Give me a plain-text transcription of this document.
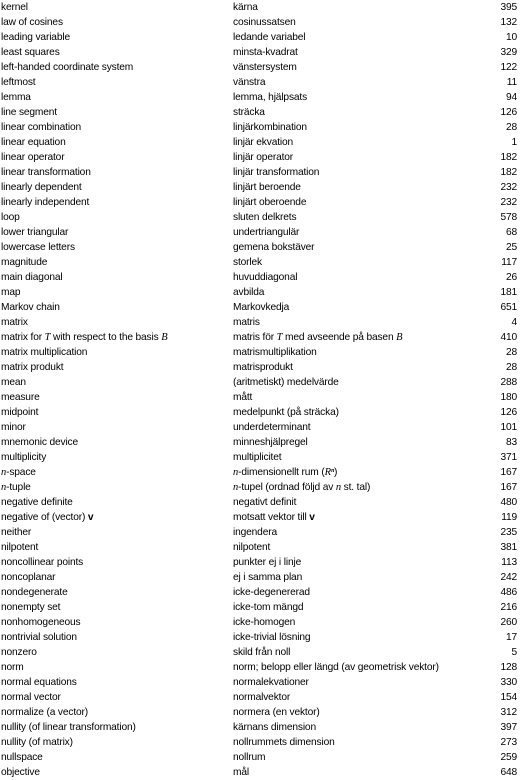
kernel	kärna	395
law of cosines	cosinussatsen	132
leading variable	ledande variabel	10
least squares	minsta-kvadrat	329
left-handed coordinate system	vänstersystem	122
leftmost	vänstra	11
lemma	lemma, hjälpsats	94
line segment	sträcka	126
linear combination	linjärkombination	28
linear equation	linjär ekvation	1
linear operator	linjär operator	182
linear transformation	linjär transformation	182
linearly dependent	linjärt beroende	232
linearly independent	linjärt oberoende	232
loop	sluten delkrets	578
lower triangular	undertriangulär	68
lowercase letters	gemena bokstäver	25
magnitude	storlek	117
main diagonal	huvuddiagonal	26
map	avbilda	181
Markov chain	Markovkedja	651
matrix	matris	4
matrix for T with respect to the basis B	matris för T med avseende på basen B	410
matrix multiplication	matrismultiplikation	28
matrix produkt	matrisprodukt	28
mean	(aritmetiskt) medelvärde	288
measure	mått	180
midpoint	medelpunkt (på sträcka)	126
minor	underdeterminant	101
mnemonic device	minneshjälpregel	83
multiplicity	multiplicitet	371
n-space	n-dimensionellt rum (Rⁿ)	167
n-tuple	n-tupel (ordnad följd av n st. tal)	167
negative definite	negativt definit	480
negative of (vector) v	motsatt vektor till v	119
neither	ingendera	235
nilpotent	nilpotent	381
noncollinear points	punkter ej i linje	113
noncoplanar	ej i samma plan	242
nondegenerate	icke-degenererad	486
nonempty set	icke-tom mängd	216
nonhomogeneous	icke-homogen	260
nontrivial solution	icke-trivial lösning	17
nonzero	skild från noll	5
norm	norm; belopp eller längd (av geometrisk vektor)	128
normal equations	normalekvationer	330
normal vector	normalvektor	154
normalize (a vector)	normera (en vektor)	312
nullity (of linear transformation)	kärnans dimension	397
nullity (of matrix)	nollrummets dimension	273
nullspace	nollrum	259
objective	mål	648
